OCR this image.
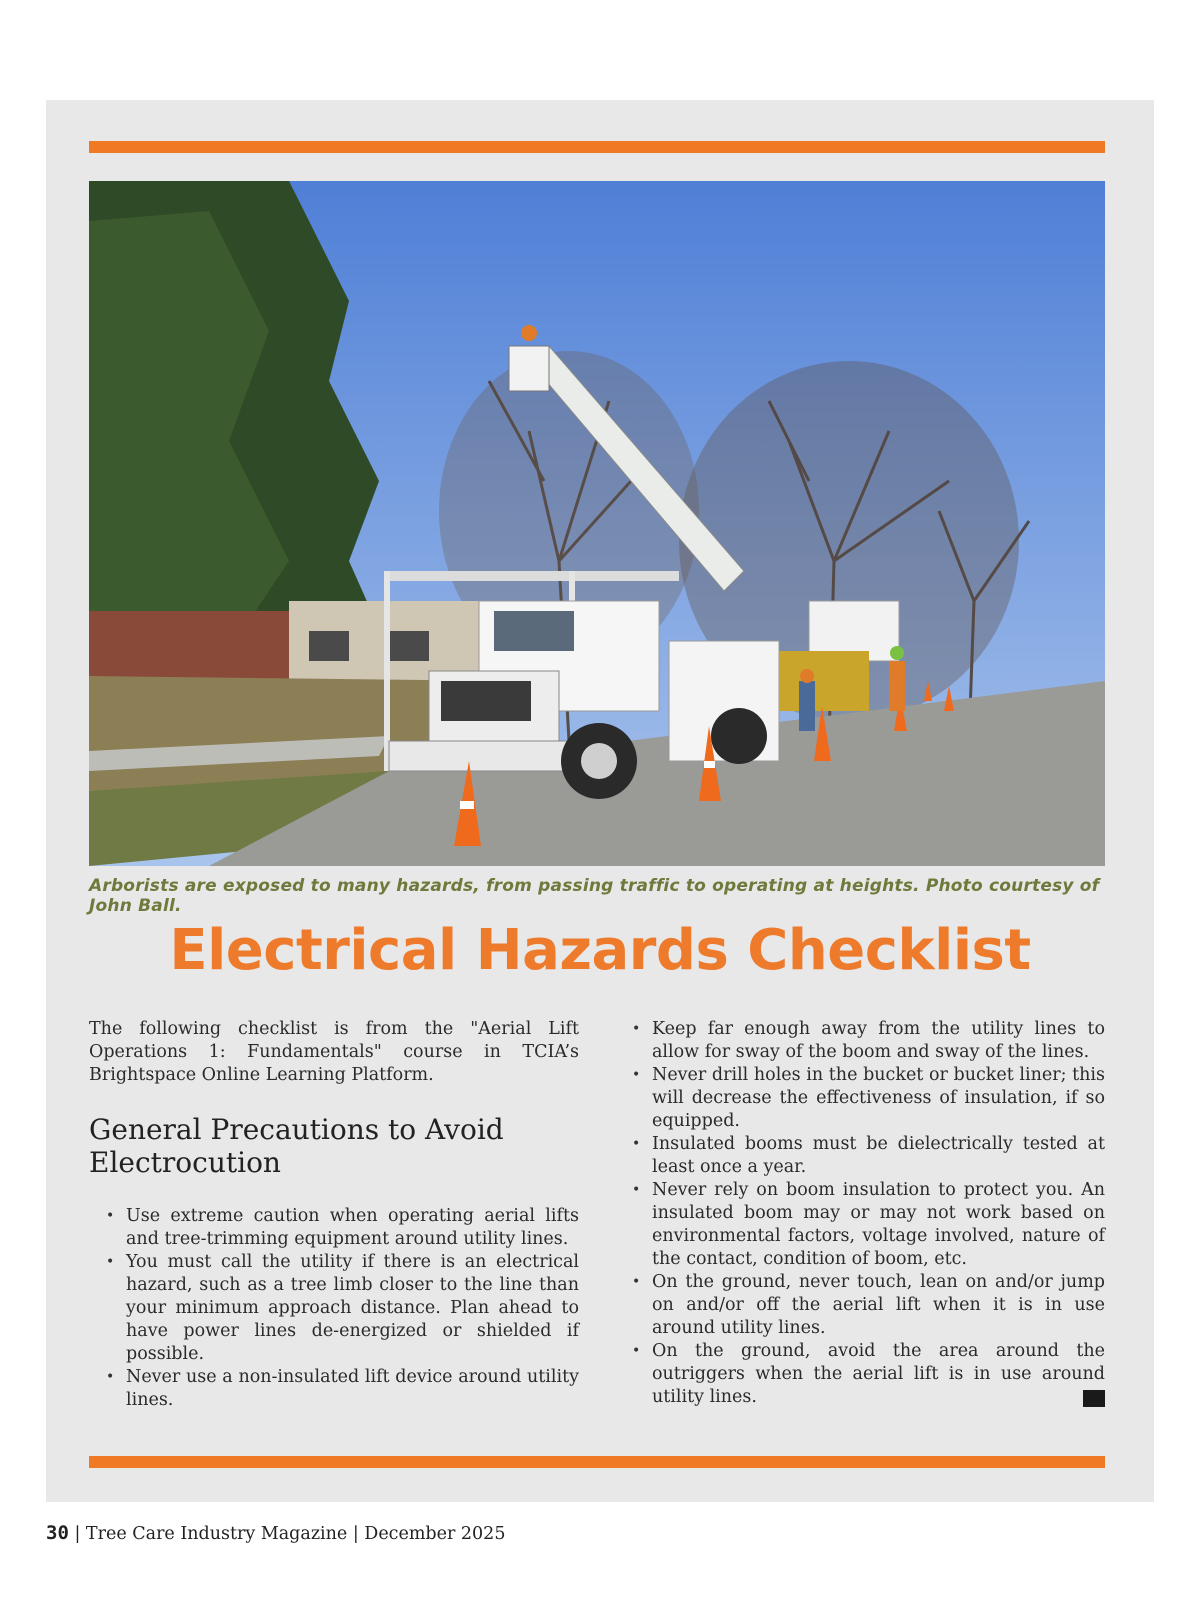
Arborists are exposed to many hazards, from passing traffic to operating at heights. Photo courtesy of John Ball.
Electrical Hazards Checklist

The following checklist is from the "Aerial Lift Operations 1: Fundamentals" course in TCIA’s Brightspace Online Learning Platform.

General Precautions to Avoid Electrocution
• Use extreme caution when operating aerial lifts and tree-trimming equipment around utility lines.
• You must call the utility if there is an electrical hazard, such as a tree limb closer to the line than your minimum approach distance. Plan ahead to have power lines de-energized or shielded if possible.
• Never use a non-insulated lift device around utility lines.
• Keep far enough away from the utility lines to allow for sway of the boom and sway of the lines.
• Never drill holes in the bucket or bucket liner; this will decrease the effectiveness of insulation, if so equipped.
• Insulated booms must be dielectrically tested at least once a year.
• Never rely on boom insulation to protect you. An insulated boom may or may not work based on environmental factors, voltage involved, nature of the contact, condition of boom, etc.
• On the ground, never touch, lean on and/or jump on and/or off the aerial lift when it is in use around utility lines.
• On the ground, avoid the area around the outriggers when the aerial lift is in use around utility lines.
30 | Tree Care Industry Magazine | December 2025
